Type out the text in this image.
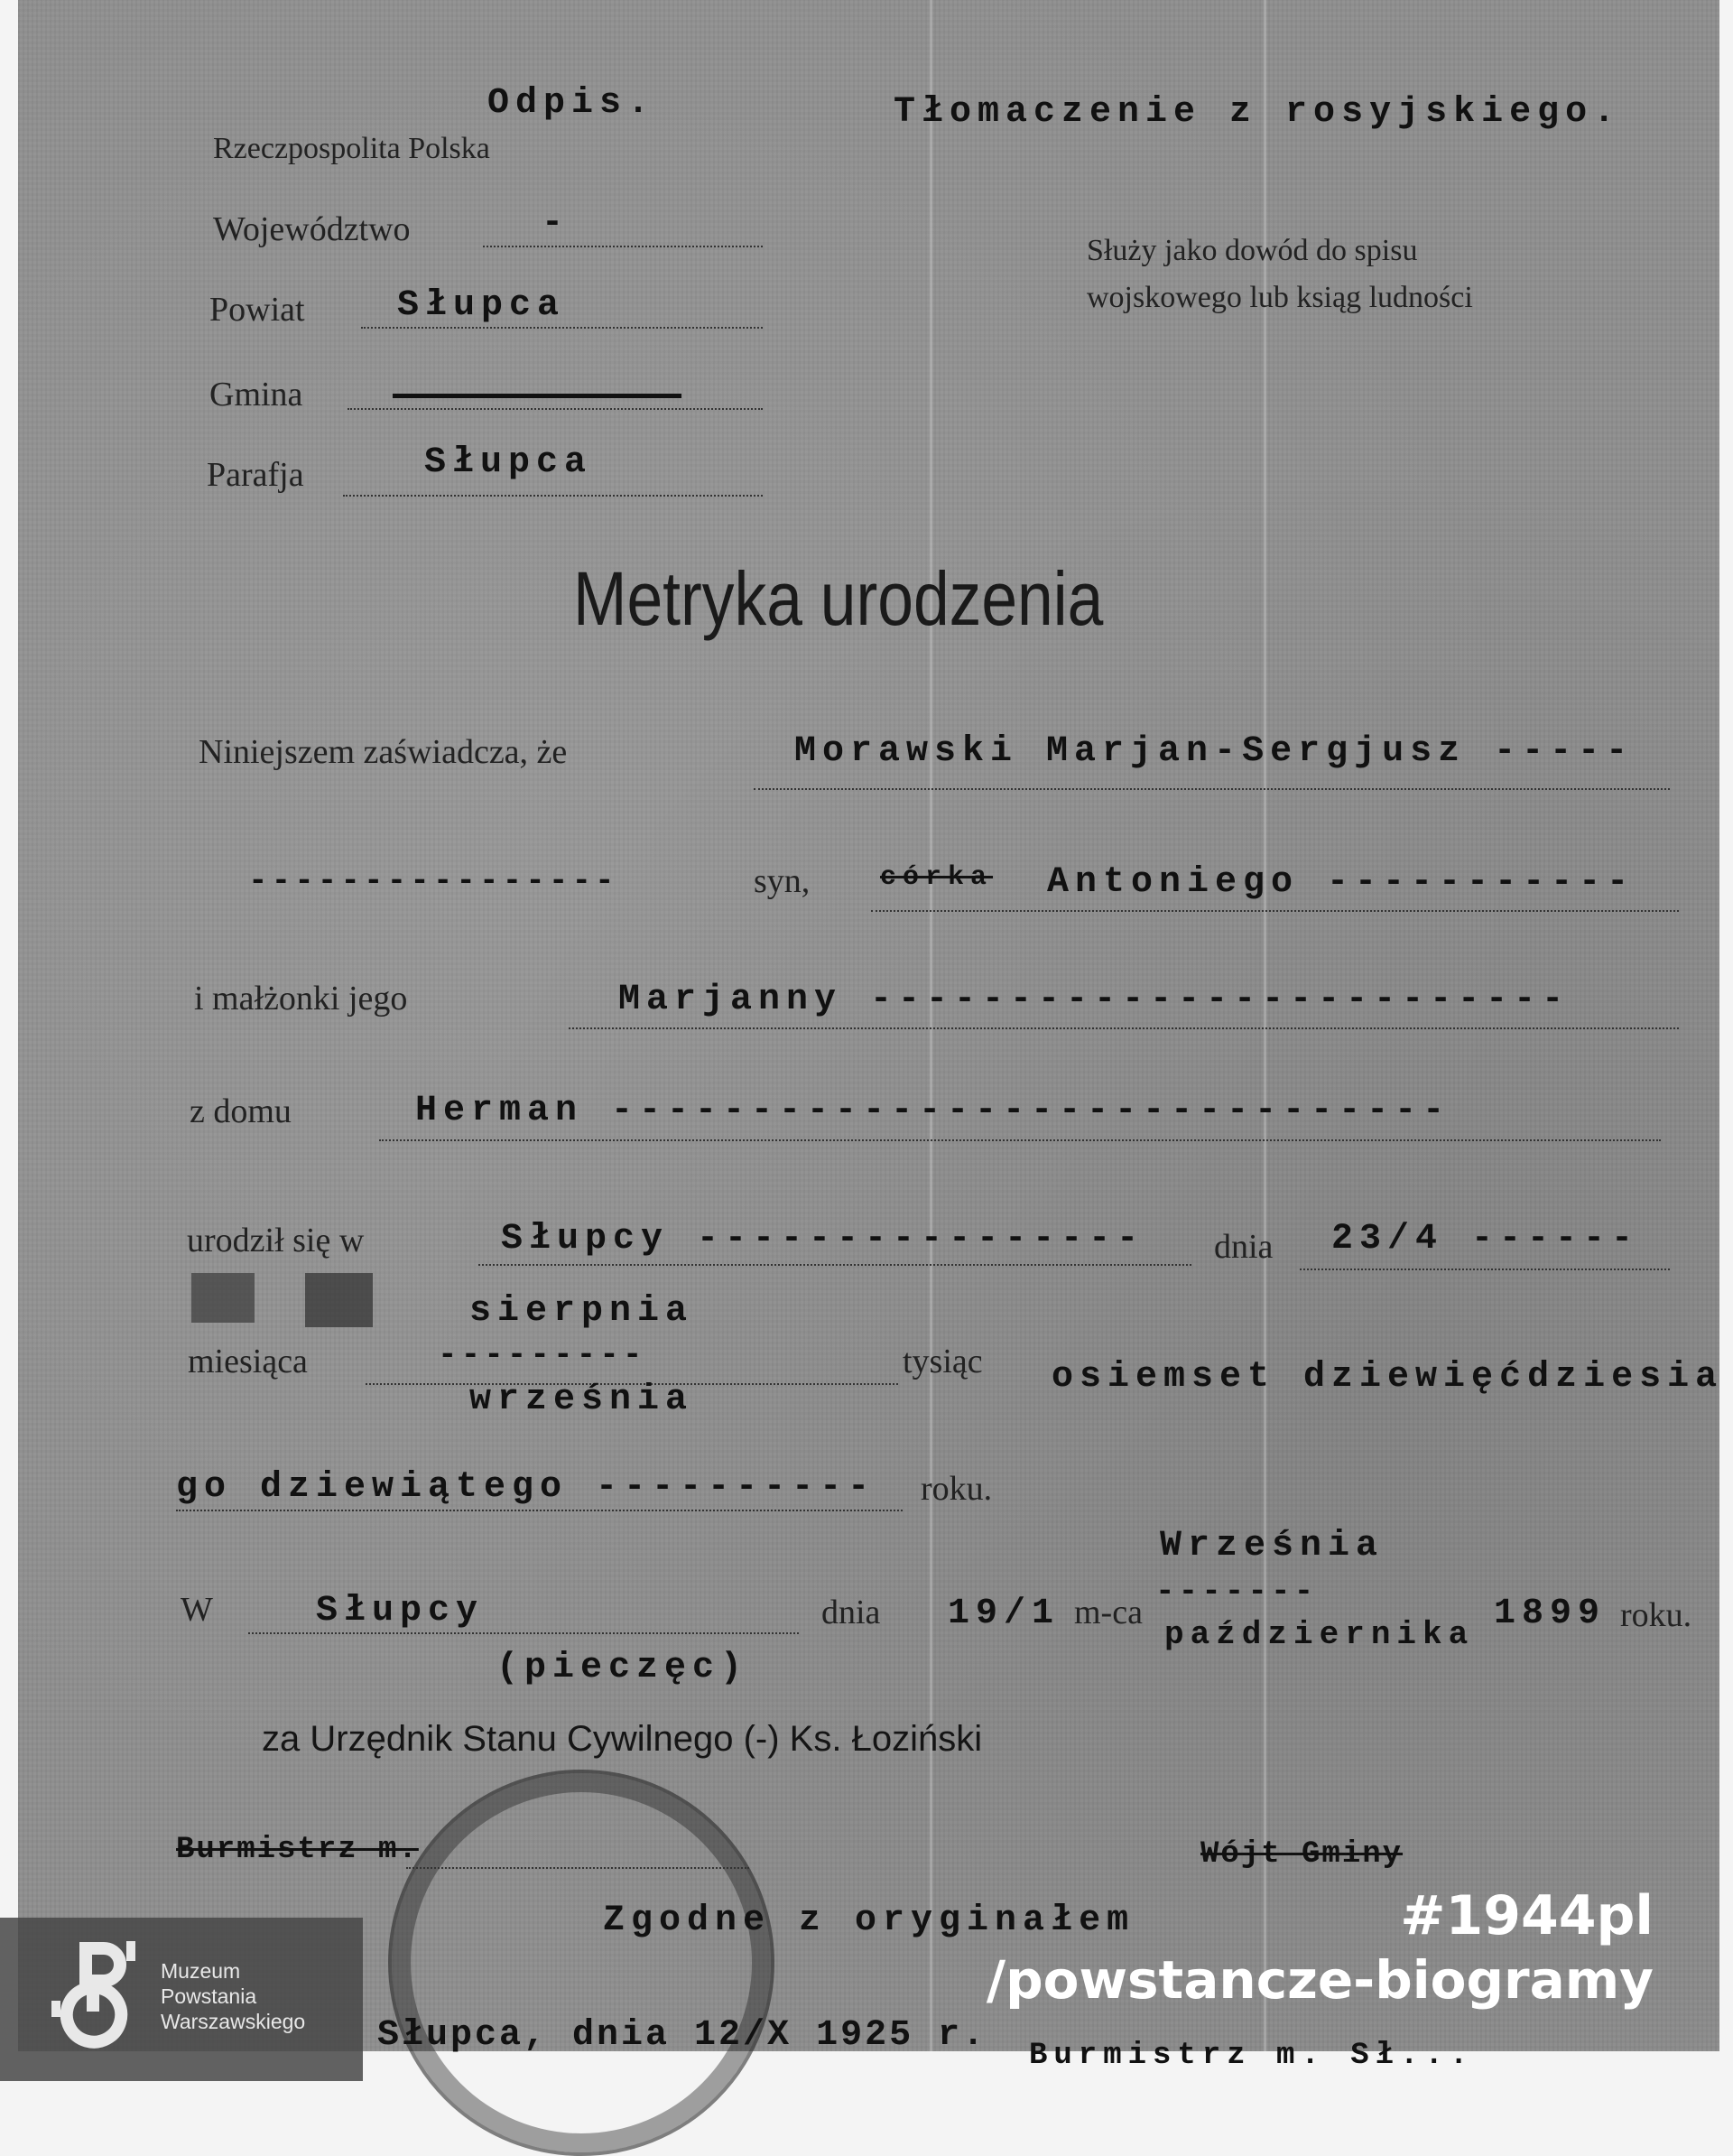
Odpis.	Tłomaczenie z rosyjskiego.
Rzeczpospolita Polska
Województwo	-
Powiat	Słupca
Gmina
Parafja	Słupca
Służy jako dowód do spisu
wojskowego lub ksiąg ludności
Metryka urodzenia
Niniejszem zaświadcza, że	Morawski Marjan-Sergjusz -----
----------------	syn,	córka Antoniego -----------
i małżonki jego	Marjanny -------------------------
z domu	Herman ------------------------------
urodził się w	Słupcy ---------------- dnia 23/4 ------
sierpnia
---------
miesiąca
września
tysiąc osiemset dziewięćdziesia
go dziewiątego ---------- roku.
Września
-------
W	Słupcy	dnia 19/1 m-ca
października
1899 roku.
(pieczęc)
za Urzędnik Stanu Cywilnego (-) Ks. Łoziński
Burmistrz m.	Wójt Gminy
Zgodne z oryginałem
Muzeum
Powstania
Warszawskiego Słupca, dnia 12/X 1925 r. Burmistrz m. Sł...
#1944pl
/powstancze-biogramy
